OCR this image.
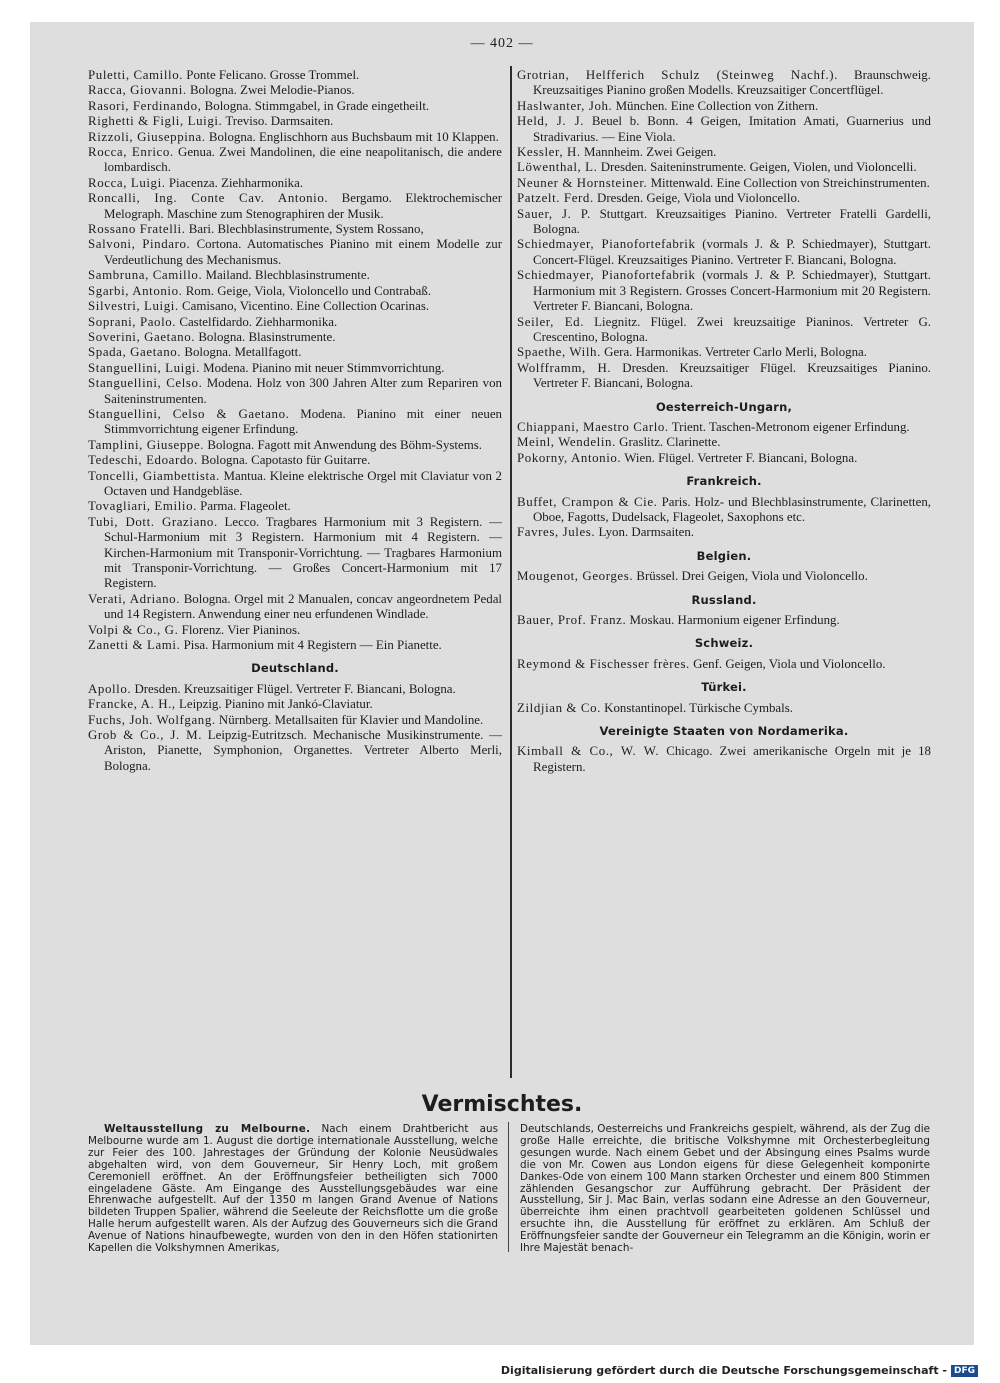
— 402 —
Puletti, Camillo. Ponte Felicano. Grosse Trommel.
Racca, Giovanni. Bologna. Zwei Melodie-Pianos.
Rasori, Ferdinando, Bologna. Stimmgabel, in Grade eingetheilt.
Righetti & Figli, Luigi. Treviso. Darmsaiten.
Rizzoli, Giuseppina. Bologna. Englischhorn aus Buchsbaum mit 10 Klappen.
Rocca, Enrico. Genua. Zwei Mandolinen, die eine neapolitanisch, die andere lombardisch.
Rocca, Luigi. Piacenza. Ziehharmonika.
Roncalli, Ing. Conte Cav. Antonio. Bergamo. Elektrochemischer Melograph. Maschine zum Stenographiren der Musik.
Rossano Fratelli. Bari. Blechblasinstrumente, System Rossano,
Salvoni, Pindaro. Cortona. Automatisches Pianino mit einem Modelle zur Verdeutlichung des Mechanismus.
Sambruna, Camillo. Mailand. Blechblasinstrumente.
Sgarbi, Antonio. Rom. Geige, Viola, Violoncello und Contrabaß.
Silvestri, Luigi. Camisano, Vicentino. Eine Collection Ocarinas.
Soprani, Paolo. Castelfidardo. Ziehharmonika.
Soverini, Gaetano. Bologna. Blasinstrumente.
Spada, Gaetano. Bologna. Metallfagott.
Stanguellini, Luigi. Modena. Pianino mit neuer Stimmvorrichtung.
Stanguellini, Celso. Modena. Holz von 300 Jahren Alter zum Repariren von Saiteninstrumenten.
Stanguellini, Celso & Gaetano. Modena. Pianino mit einer neuen Stimmvorrichtung eigener Erfindung.
Tamplini, Giuseppe. Bologna. Fagott mit Anwendung des Böhm-Systems.
Tedeschi, Edoardo. Bologna. Capotasto für Guitarre.
Toncelli, Giambettista. Mantua. Kleine elektrische Orgel mit Claviatur von 2 Octaven und Handgebläse.
Tovagliari, Emilio. Parma. Flageolet.
Tubi, Dott. Graziano. Lecco. Tragbares Harmonium mit 3 Registern. — Schul-Harmonium mit 3 Registern. Harmonium mit 4 Registern. — Kirchen-Harmonium mit Transponir-Vorrichtung. — Tragbares Harmonium mit Transponir-Vorrichtung. — Großes Concert-Harmonium mit 17 Registern.
Verati, Adriano. Bologna. Orgel mit 2 Manualen, concav angeordnetem Pedal und 14 Registern. Anwendung einer neu erfundenen Windlade.
Volpi & Co., G. Florenz. Vier Pianinos.
Zanetti & Lami. Pisa. Harmonium mit 4 Registern — Ein Pianette.
Deutschland.
Apollo. Dresden. Kreuzsaitiger Flügel. Vertreter F. Biancani, Bologna.
Francke, A. H., Leipzig. Pianino mit Jankó-Claviatur.
Fuchs, Joh. Wolfgang. Nürnberg. Metallsaiten für Klavier und Mandoline.
Grob & Co., J. M. Leipzig-Eutritzsch. Mechanische Musikinstrumente. — Ariston, Pianette, Symphonion, Organettes. Vertreter Alberto Merli, Bologna.
Grotrian, Helfferich Schulz (Steinweg Nachf.). Braunschweig. Kreuzsaitiges Pianino großen Modells. Kreuzsaitiger Concertflügel.
Haslwanter, Joh. München. Eine Collection von Zithern.
Held, J. J. Beuel b. Bonn. 4 Geigen, Imitation Amati, Guarnerius und Stradivarius. — Eine Viola.
Kessler, H. Mannheim. Zwei Geigen.
Löwenthal, L. Dresden. Saiteninstrumente. Geigen, Violen, und Violoncelli.
Neuner & Hornsteiner. Mittenwald. Eine Collection von Streichinstrumenten.
Patzelt. Ferd. Dresden. Geige, Viola und Violoncello.
Sauer, J. P. Stuttgart. Kreuzsaitiges Pianino. Vertreter Fratelli Gardelli, Bologna.
Schiedmayer, Pianofortefabrik (vormals J. & P. Schiedmayer), Stuttgart. Concert-Flügel. Kreuzsaitiges Pianino. Vertreter F. Biancani, Bologna.
Schiedmayer, Pianofortefabrik (vormals J. & P. Schiedmayer), Stuttgart. Harmonium mit 3 Registern. Grosses Concert-Harmonium mit 20 Registern. Vertreter F. Biancani, Bologna.
Seiler, Ed. Liegnitz. Flügel. Zwei kreuzsaitige Pianinos. Vertreter G. Crescentino, Bologna.
Spaethe, Wilh. Gera. Harmonikas. Vertreter Carlo Merli, Bologna.
Wolfframm, H. Dresden. Kreuzsaitiger Flügel. Kreuzsaitiges Pianino. Vertreter F. Biancani, Bologna.
Oesterreich-Ungarn,
Chiappani, Maestro Carlo. Trient. Taschen-Metronom eigener Erfindung.
Meinl, Wendelin. Graslitz. Clarinette.
Pokorny, Antonio. Wien. Flügel. Vertreter F. Biancani, Bologna.
Frankreich.
Buffet, Crampon & Cie. Paris. Holz- und Blechblasinstrumente, Clarinetten, Oboe, Fagotts, Dudelsack, Flageolet, Saxophons etc.
Favres, Jules. Lyon. Darmsaiten.
Belgien.
Mougenot, Georges. Brüssel. Drei Geigen, Viola und Violoncello.
Russland.
Bauer, Prof. Franz. Moskau. Harmonium eigener Erfindung.
Schweiz.
Reymond & Fischesser frères. Genf. Geigen, Viola und Violoncello.
Türkei.
Zildjian & Co. Konstantinopel. Türkische Cymbals.
Vereinigte Staaten von Nordamerika.
Kimball & Co., W. W. Chicago. Zwei amerikanische Orgeln mit je 18 Registern.
Vermischtes.
Weltausstellung zu Melbourne. Nach einem Drahtbericht aus Melbourne wurde am 1. August die dortige internationale Ausstellung, welche zur Feier des 100. Jahrestages der Gründung der Kolonie Neusüdwales abgehalten wird, von dem Gouverneur, Sir Henry Loch, mit großem Ceremoniell eröffnet. An der Eröffnungsfeier betheiligten sich 7000 eingeladene Gäste. Am Eingange des Ausstellungsgebäudes war eine Ehrenwache aufgestellt. Auf der 1350 m langen Grand Avenue of Nations bildeten Truppen Spalier, während die Seeleute der Reichsflotte um die große Halle herum aufgestellt waren. Als der Aufzug des Gouverneurs sich die Grand Avenue of Nations hinaufbewegte, wurden von den in den Höfen stationirten Kapellen die Volkshymnen Amerikas,
Deutschlands, Oesterreichs und Frankreichs gespielt, während, als der Zug die große Halle erreichte, die britische Volkshymne mit Orchesterbegleitung gesungen wurde. Nach einem Gebet und der Absingung eines Psalms wurde die von Mr. Cowen aus London eigens für diese Gelegenheit komponirte Dankes-Ode von einem 100 Mann starken Orchester und einem 800 Stimmen zählenden Gesangschor zur Aufführung gebracht. Der Präsident der Ausstellung, Sir J. Mac Bain, verlas sodann eine Adresse an den Gouverneur, überreichte ihm einen prachtvoll gearbeiteten goldenen Schlüssel und ersuchte ihn, die Ausstellung für eröffnet zu erklären. Am Schluß der Eröffnungsfeier sandte der Gouverneur ein Telegramm an die Königin, worin er Ihre Majestät benach-
Digitalisierung gefördert durch die Deutsche Forschungsgemeinschaft - DFG
